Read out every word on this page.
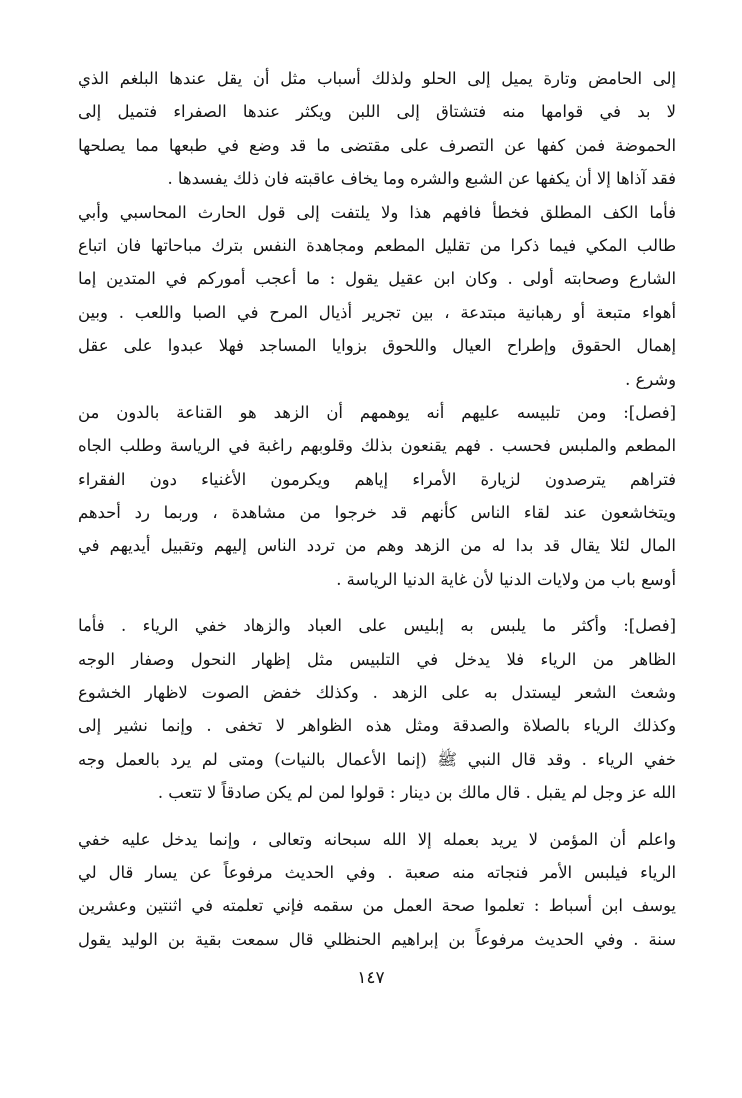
إلى الحامض وتارة يميل إلى الحلو ولذلك أسباب مثل أن يقل عندها البلغم الذي
لا بد في قوامها منه فتشتاق إلى اللبن ويكثر عندها الصفراء فتميل إلى
الحموضة فمن كفها عن التصرف على مقتضى ما قد وضع في طبعها مما يصلحها
فقد آذاها إلا أن يكفها عن الشبع والشره وما يخاف عاقبته فان ذلك يفسدها .
فأما الكف المطلق فخطأ فافهم هذا ولا يلتفت إلى قول الحارث المحاسبي وأبي
طالب المكي فيما ذكرا من تقليل المطعم ومجاهدة النفس بترك مباحاتها فان اتباع
الشارع وصحابته أولى . وكان ابن عقيل يقول : ما أعجب أموركم في المتدين إما
أهواء متبعة أو رهبانية مبتدعة ، بين تجرير أذيال المرح في الصبا واللعب . وبين
إهمال الحقوق وإطراح العيال واللحوق بزوايا المساجد فهلا عبدوا على عقل
وشرع .
[فصل]: ومن تلبيسه عليهم أنه يوهمهم أن الزهد هو القناعة بالدون من
المطعم والملبس فحسب . فهم يقنعون بذلك وقلوبهم راغبة في الرياسة وطلب الجاه
فتراهم يترصدون لزيارة الأمراء إياهم ويكرمون الأغنياء دون الفقراء
ويتخاشعون عند لقاء الناس كأنهم قد خرجوا من مشاهدة ، وربما رد أحدهم
المال لئلا يقال قد بدا له من الزهد وهم من تردد الناس إليهم وتقبيل أيديهم في
أوسع باب من ولايات الدنيا لأن غاية الدنيا الرياسة .
[فصل]: وأكثر ما يلبس به إبليس على العباد والزهاد خفي الرياء . فأما
الظاهر من الرياء فلا يدخل في التلبيس مثل إظهار النحول وصفار الوجه
وشعث الشعر ليستدل به على الزهد . وكذلك خفض الصوت لاظهار الخشوع
وكذلك الرياء بالصلاة والصدقة ومثل هذه الظواهر لا تخفى . وإنما نشير إلى
خفي الرياء . وقد قال النبي ﷺ (إنما الأعمال بالنيات) ومتى لم يرد بالعمل وجه
الله عز وجل لم يقبل . قال مالك بن دينار : قولوا لمن لم يكن صادقاً لا تتعب .
واعلم أن المؤمن لا يريد بعمله إلا الله سبحانه وتعالى ، وإنما يدخل عليه خفي
الرياء فيلبس الأمر فنجاته منه صعبة . وفي الحديث مرفوعاً عن يسار قال لي
يوسف ابن أسباط : تعلموا صحة العمل من سقمه فإني تعلمته في اثنتين وعشرين
سنة . وفي الحديث مرفوعاً بن إبراهيم الحنظلي قال سمعت بقية بن الوليد يقول
١٤٧
